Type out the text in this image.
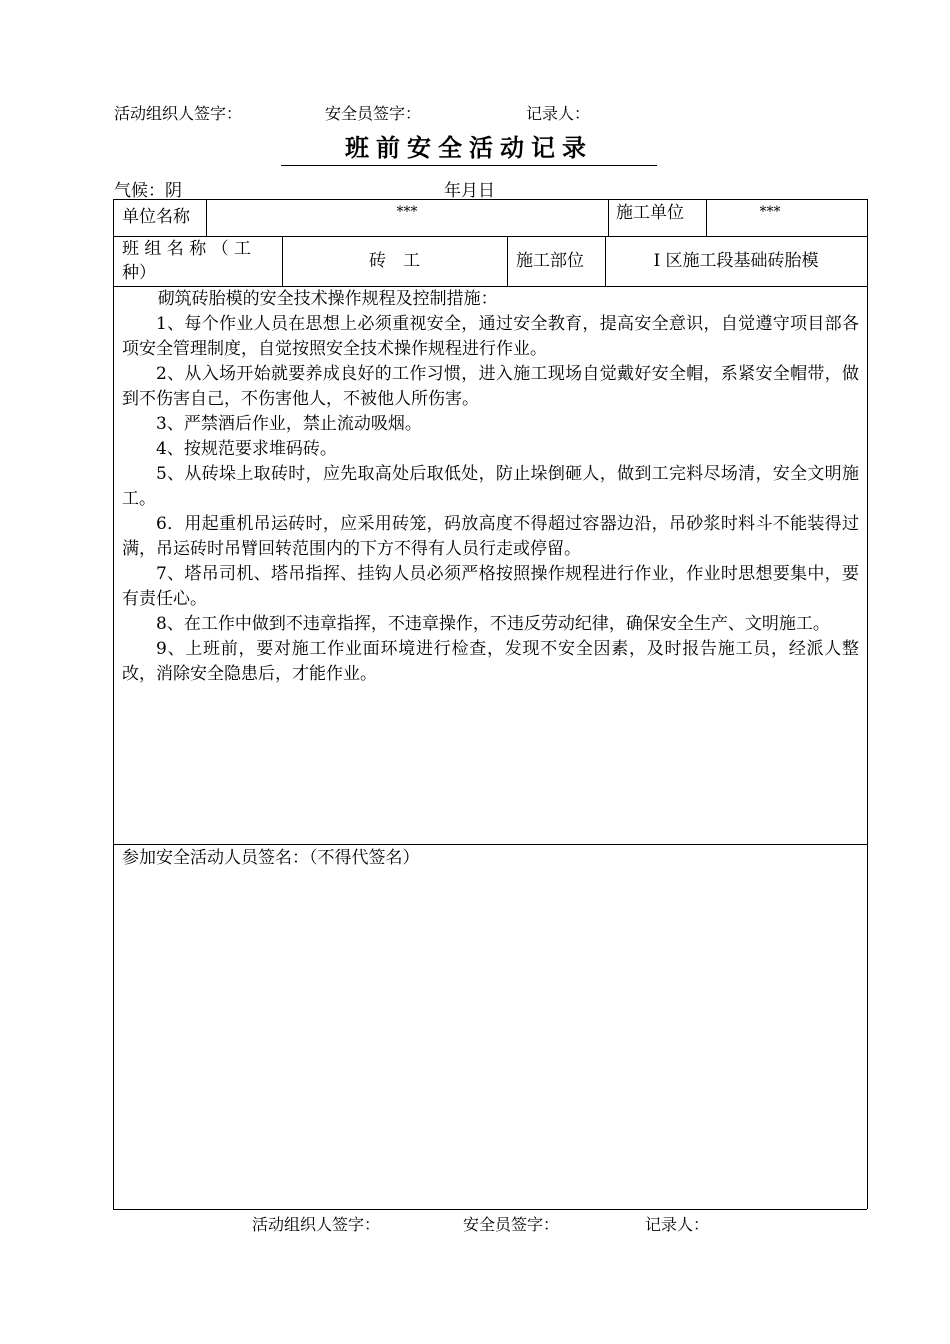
活动组织人签字：	安全员签字：	记录人：
班前安全活动记录
气候：阴	年月日
单位名称	***	施工单位	***
班 组 名 称 （ 工
种）
砖　工	施工部位	Ⅰ 区施工段基础砖胎模

砌筑砖胎模的安全技术操作规程及控制措施：

1、每个作业人员在思想上必须重视安全，通过安全教育，提高安全意识，自觉遵守项目部各项安全管理制度，自觉按照安全技术操作规程进行作业。

2、从入场开始就要养成良好的工作习惯，进入施工现场自觉戴好安全帽，系紧安全帽带，做到不伤害自己，不伤害他人，不被他人所伤害。

3、严禁酒后作业，禁止流动吸烟。

4、按规范要求堆码砖。

5、从砖垛上取砖时，应先取高处后取低处，防止垛倒砸人，做到工完料尽场清，安全文明施工。

6．用起重机吊运砖时，应采用砖笼，码放高度不得超过容器边沿，吊砂浆时料斗不能装得过满，吊运砖时吊臂回转范围内的下方不得有人员行走或停留。

7、塔吊司机、塔吊指挥、挂钩人员必须严格按照操作规程进行作业，作业时思想要集中，要有责任心。

8、在工作中做到不违章指挥，不违章操作，不违反劳动纪律，确保安全生产、文明施工。

9、上班前，要对施工作业面环境进行检查，发现不安全因素，及时报告施工员，经派人整改，消除安全隐患后，才能作业。

参加安全活动人员签名：（不得代签名）
活动组织人签字：	安全员签字：	记录人：
